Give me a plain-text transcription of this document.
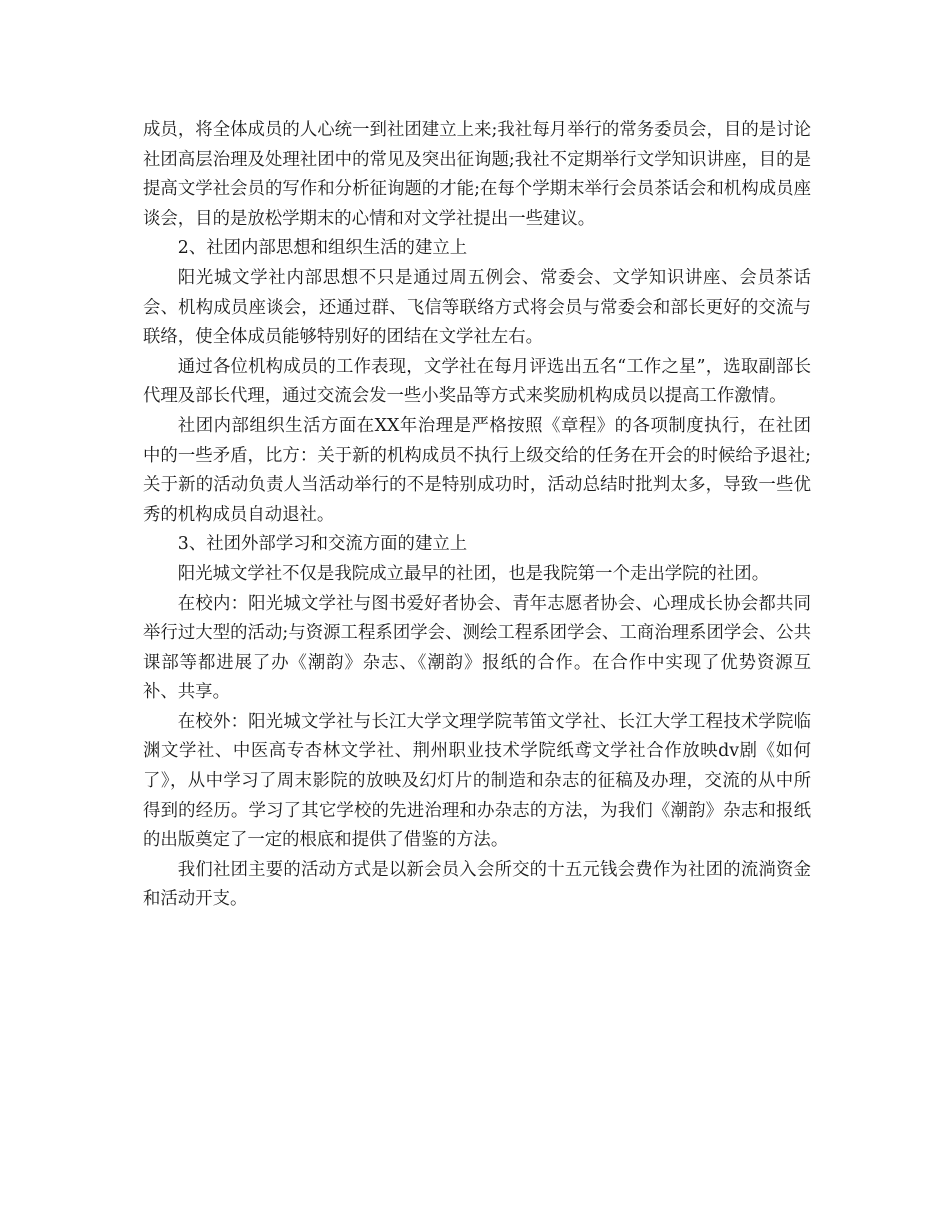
成员，将全体成员的人心统一到社团建立上来;我社每月举行的常务委员会，目的是讨论社团高层治理及处理社团中的常见及突出征询题;我社不定期举行文学知识讲座，目的是提高文学社会员的写作和分析征询题的才能;在每个学期末举行会员茶话会和机构成员座谈会，目的是放松学期末的心情和对文学社提出一些建议。

2、社团内部思想和组织生活的建立上

阳光城文学社内部思想不只是通过周五例会、常委会、文学知识讲座、会员茶话会、机构成员座谈会，还通过群、飞信等联络方式将会员与常委会和部长更好的交流与联络，使全体成员能够特别好的团结在文学社左右。

通过各位机构成员的工作表现，文学社在每月评选出五名“工作之星”，选取副部长代理及部长代理，通过交流会发一些小奖品等方式来奖励机构成员以提高工作激情。

社团内部组织生活方面在XX年治理是严格按照《章程》的各项制度执行，在社团中的一些矛盾，比方：关于新的机构成员不执行上级交给的任务在开会的时候给予退社;关于新的活动负责人当活动举行的不是特别成功时，活动总结时批判太多，导致一些优秀的机构成员自动退社。

3、社团外部学习和交流方面的建立上

阳光城文学社不仅是我院成立最早的社团，也是我院第一个走出学院的社团。

在校内：阳光城文学社与图书爱好者协会、青年志愿者协会、心理成长协会都共同举行过大型的活动;与资源工程系团学会、测绘工程系团学会、工商治理系团学会、公共课部等都进展了办《潮韵》杂志、《潮韵》报纸的合作。在合作中实现了优势资源互补、共享。

在校外：阳光城文学社与长江大学文理学院苇笛文学社、长江大学工程技术学院临渊文学社、中医高专杏林文学社、荆州职业技术学院纸鸢文学社合作放映dv剧《如何了》，从中学习了周末影院的放映及幻灯片的制造和杂志的征稿及办理，交流的从中所得到的经历。学习了其它学校的先进治理和办杂志的方法，为我们《潮韵》杂志和报纸的出版奠定了一定的根底和提供了借鉴的方法。

我们社团主要的活动方式是以新会员入会所交的十五元钱会费作为社团的流淌资金和活动开支。
